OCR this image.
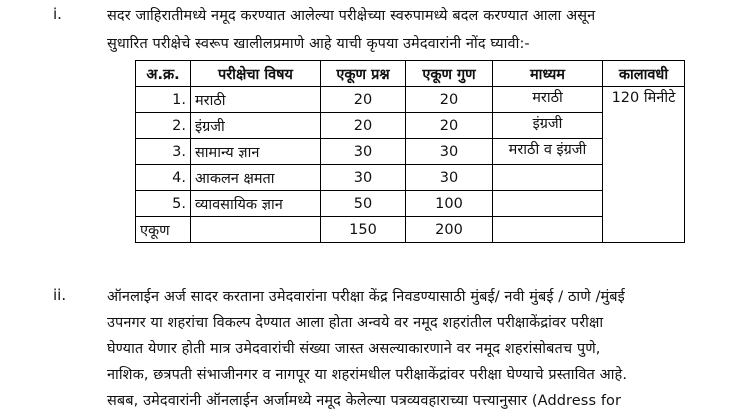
i.	सदर जाहिरातीमध्ये नमूद करण्यात आलेल्या परीक्षेच्या स्वरुपामध्ये बदल करण्यात आला असून
सुधारित परीक्षेचे स्वरूप खालीलप्रमाणे आहे याची कृपया उमेदवारांनी नोंद घ्यावी:-
अ.क्र.	परीक्षेचा विषय	एकूण प्रश्न	एकूण गुण	माध्यम	कालावधी
1.	मराठी	20	20	मराठी	120 मिनीटे
2.	इंग्रजी	20	20	इंग्रजी	
3.	सामान्य ज्ञान	30	30	मराठी व इंग्रजी	
4.	आकलन क्षमता	30	30		
5.	व्यावसायिक ज्ञान	50	100		
एकूण		150	200		
ii.	ऑनलाईन अर्ज सादर करताना उमेदवारांना परीक्षा केंद्र निवडण्यासाठी मुंबई/ नवी मुंबई / ठाणे /मुंबई
उपनगर या शहरांचा विकल्प देण्यात आला होता अन्वये वर नमूद शहरांतील परीक्षाकेंद्रांवर परीक्षा
घेण्यात येणार होती मात्र उमेदवारांची संख्या जास्त असल्याकारणाने वर नमूद शहरांसोबतच पुणे,
नाशिक, छत्रपती संभाजीनगर व नागपूर या शहरांमधील परीक्षाकेंद्रांवर परीक्षा घेण्याचे प्रस्तावित आहे.
सबब, उमेदवारांनी ऑनलाईन अर्जामध्ये नमूद केलेल्या पत्रव्यवहाराच्या पत्त्यानुसार (Address for
